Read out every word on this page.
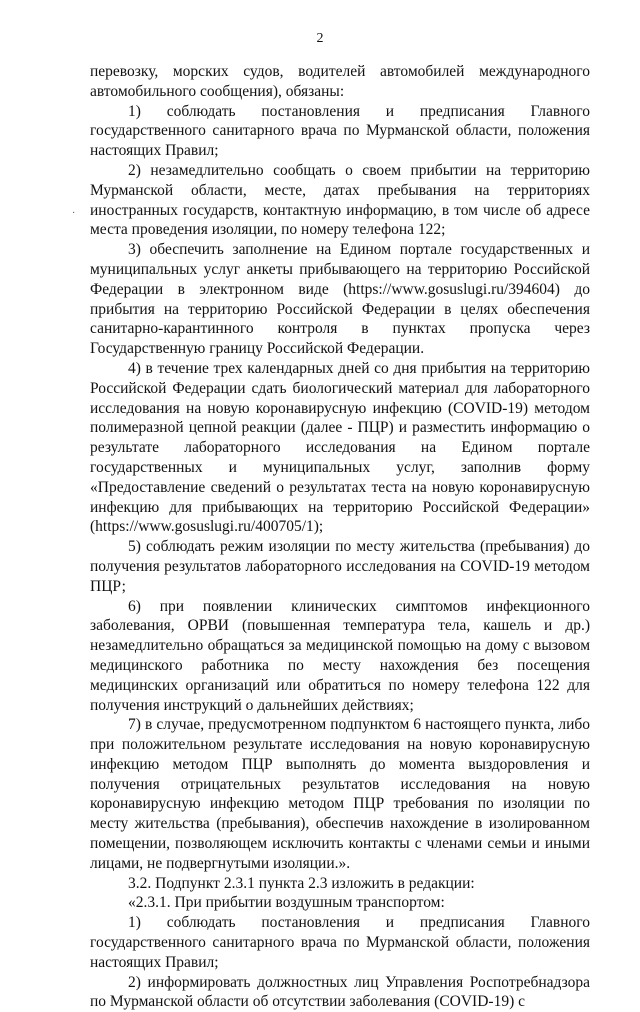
2
·

перевозку, морских судов, водителей автомобилей международного автомобильного сообщения), обязаны:

1) соблюдать постановления и предписания Главного государственного санитарного врача по Мурманской области, положения настоящих Правил;

2) незамедлительно сообщать о своем прибытии на территорию Мурманской области, месте, датах пребывания на территориях иностранных государств, контактную информацию, в том числе об адресе места проведения изоляции, по номеру телефона 122;

3) обеспечить заполнение на Едином портале государственных и муниципальных услуг анкеты прибывающего на территорию Российской Федерации в электронном виде (https://www.gosuslugi.ru/394604) до прибытия на территорию Российской Федерации в целях обеспечения санитарно-карантинного контроля в пунктах пропуска через Государственную границу Российской Федерации.

4) в течение трех календарных дней со дня прибытия на территорию Российской Федерации сдать биологический материал для лабораторного исследования на новую коронавирусную инфекцию (COVID-19) методом полимеразной цепной реакции (далее - ПЦР) и разместить информацию о результате лабораторного исследования на Едином портале государственных и муниципальных услуг, заполнив форму «Предоставление сведений о результатах теста на новую коронавирусную инфекцию для прибывающих на территорию Российской Федерации» (https://www.gosuslugi.ru/400705/1);

5) соблюдать режим изоляции по месту жительства (пребывания) до получения результатов лабораторного исследования на COVID-19 методом ПЦР;

6) при появлении клинических симптомов инфекционного заболевания, ОРВИ (повышенная температура тела, кашель и др.) незамедлительно обращаться за медицинской помощью на дому с вызовом медицинского работника по месту нахождения без посещения медицинских организаций или обратиться по номеру телефона 122 для получения инструкций о дальнейших действиях;

7) в случае, предусмотренном подпунктом 6 настоящего пункта, либо при положительном результате исследования на новую коронавирусную инфекцию методом ПЦР выполнять до момента выздоровления и получения отрицательных результатов исследования на новую коронавирусную инфекцию методом ПЦР требования по изоляции по месту жительства (пребывания), обеспечив нахождение в изолированном помещении, позволяющем исключить контакты с членами семьи и иными лицами, не подвергнутыми изоляции.».

3.2. Подпункт 2.3.1 пункта 2.3 изложить в редакции:

«2.3.1. При прибытии воздушным транспортом:

1) соблюдать постановления и предписания Главного государственного санитарного врача по Мурманской области, положения настоящих Правил;

2) информировать должностных лиц Управления Роспотребнадзора по Мурманской области об отсутствии заболевания (COVID-19) с
